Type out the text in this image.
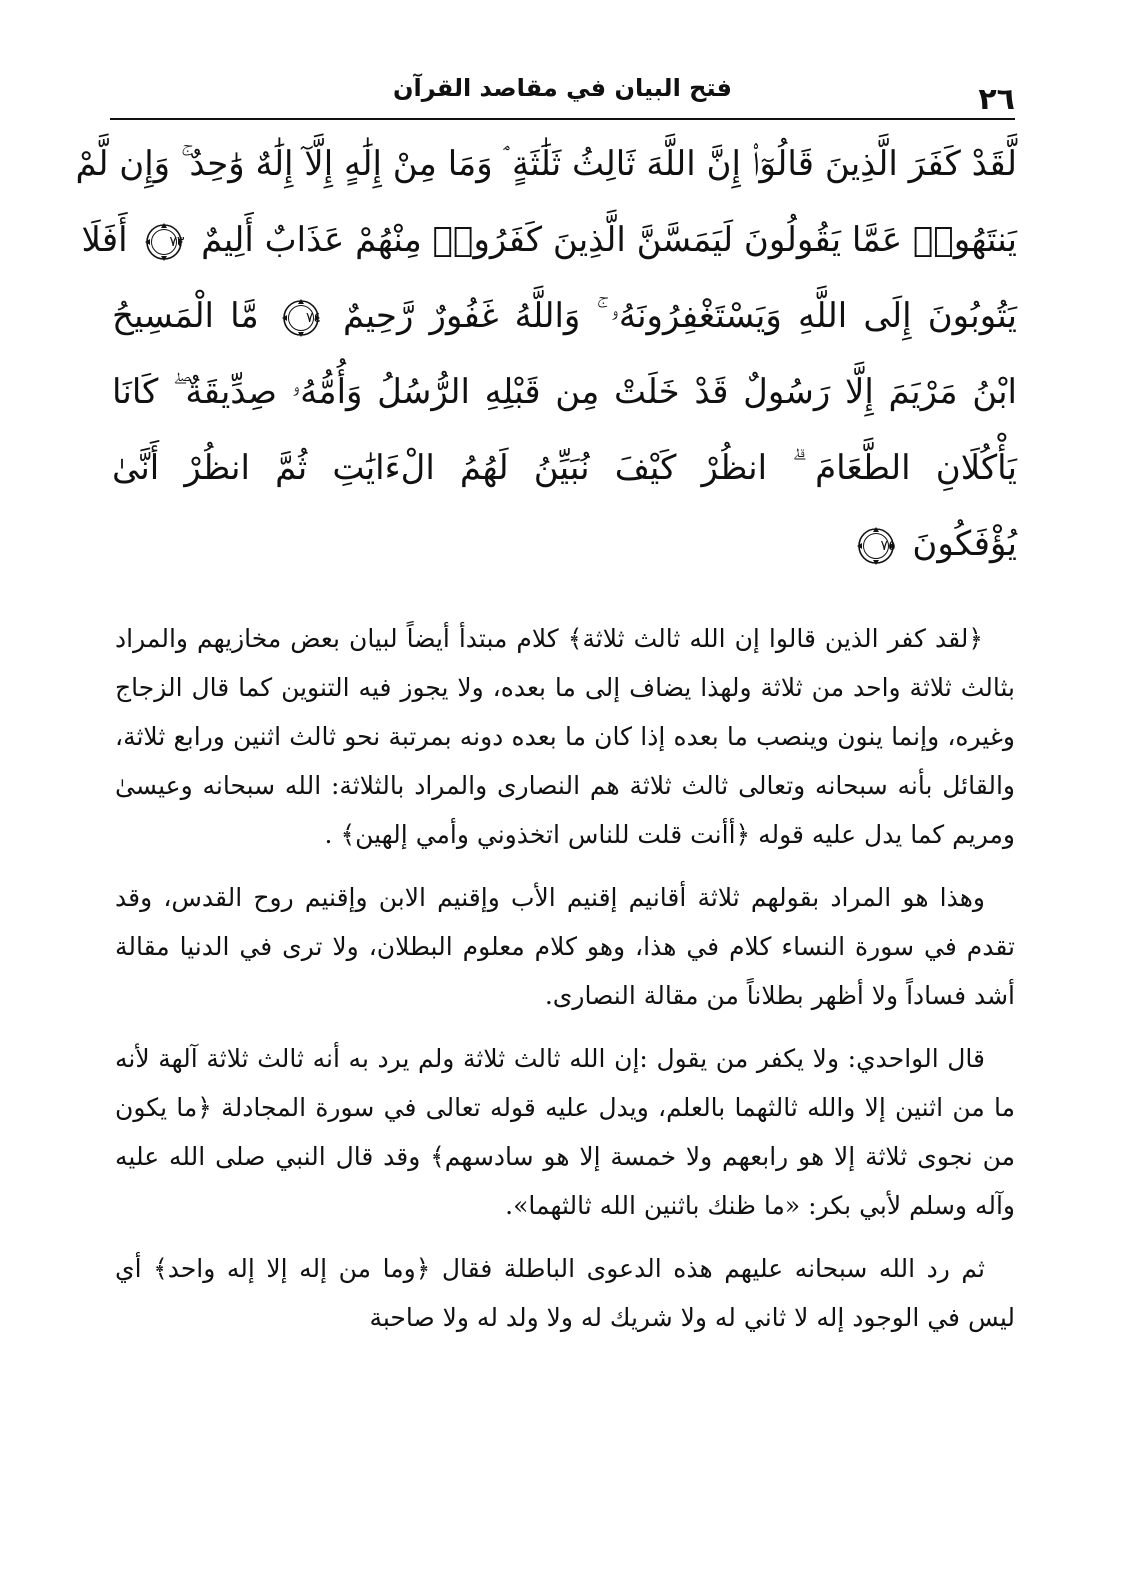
٢٦
فتح البيان في مقاصد القرآن
لَّقَدْ كَفَرَ الَّذِينَ قَالُوٓا۟ إِنَّ اللَّهَ ثَالِثُ ثَلَٰثَةٍ ۘ وَمَا مِنْ إِلَٰهٍ إِلَّآ إِلَٰهٌ وَٰحِدٌ ۚ وَإِن لَّمْ
يَنتَهُوا۟ عَمَّا يَقُولُونَ لَيَمَسَّنَّ الَّذِينَ كَفَرُوا۟ مِنْهُمْ عَذَابٌ أَلِيمٌ
٧٣
أَفَلَا
يَتُوبُونَ إِلَى اللَّهِ وَيَسْتَغْفِرُونَهُۥ ۚ وَاللَّهُ غَفُورٌ رَّحِيمٌ
٧٤
مَّا الْمَسِيحُ
ابْنُ مَرْيَمَ إِلَّا رَسُولٌ قَدْ خَلَتْ مِن قَبْلِهِ الرُّسُلُ وَأُمُّهُۥ صِدِّيقَةٌ ۖ كَانَا
يَأْكُلَانِ الطَّعَامَ ۗ انظُرْ كَيْفَ نُبَيِّنُ لَهُمُ الْءَايَٰتِ ثُمَّ انظُرْ أَنَّىٰ
يُؤْفَكُونَ
٧٥

﴿لقد كفر الذين قالوا إن الله ثالث ثلاثة﴾ كلام مبتدأ أيضاً لبيان بعض مخازيهم والمراد بثالث ثلاثة واحد من ثلاثة ولهذا يضاف إلى ما بعده، ولا يجوز فيه التنوين كما قال الزجاج وغيره، وإنما ينون وينصب ما بعده إذا كان ما بعده دونه بمرتبة نحو ثالث اثنين ورابع ثلاثة، والقائل بأنه سبحانه وتعالى ثالث ثلاثة هم النصارى والمراد بالثلاثة: الله سبحانه وعيسىٰ ومريم كما يدل عليه قوله ﴿أأنت قلت للناس اتخذوني وأمي إلهين﴾ .

وهذا هو المراد بقولهم ثلاثة أقانيم إقنيم الأب وإقنيم الابن وإقنيم روح القدس، وقد تقدم في سورة النساء كلام في هذا، وهو كلام معلوم البطلان، ولا ترى في الدنيا مقالة أشد فساداً ولا أظهر بطلاناً من مقالة النصارى.

قال الواحدي: ولا يكفر من يقول :إن الله ثالث ثلاثة ولم يرد به أنه ثالث ثلاثة آلهة لأنه ما من اثنين إلا والله ثالثهما بالعلم، ويدل عليه قوله تعالى في سورة المجادلة ﴿ما يكون من نجوى ثلاثة إلا هو رابعهم ولا خمسة إلا هو سادسهم﴾ وقد قال النبي صلى الله عليه وآله وسلم لأبي بكر: «ما ظنك باثنين الله ثالثهما».

ثم رد الله سبحانه عليهم هذه الدعوى الباطلة فقال ﴿وما من إله إلا إله واحد﴾ أي ليس في الوجود إله لا ثاني له ولا شريك له ولا ولد له ولا صاحبة
